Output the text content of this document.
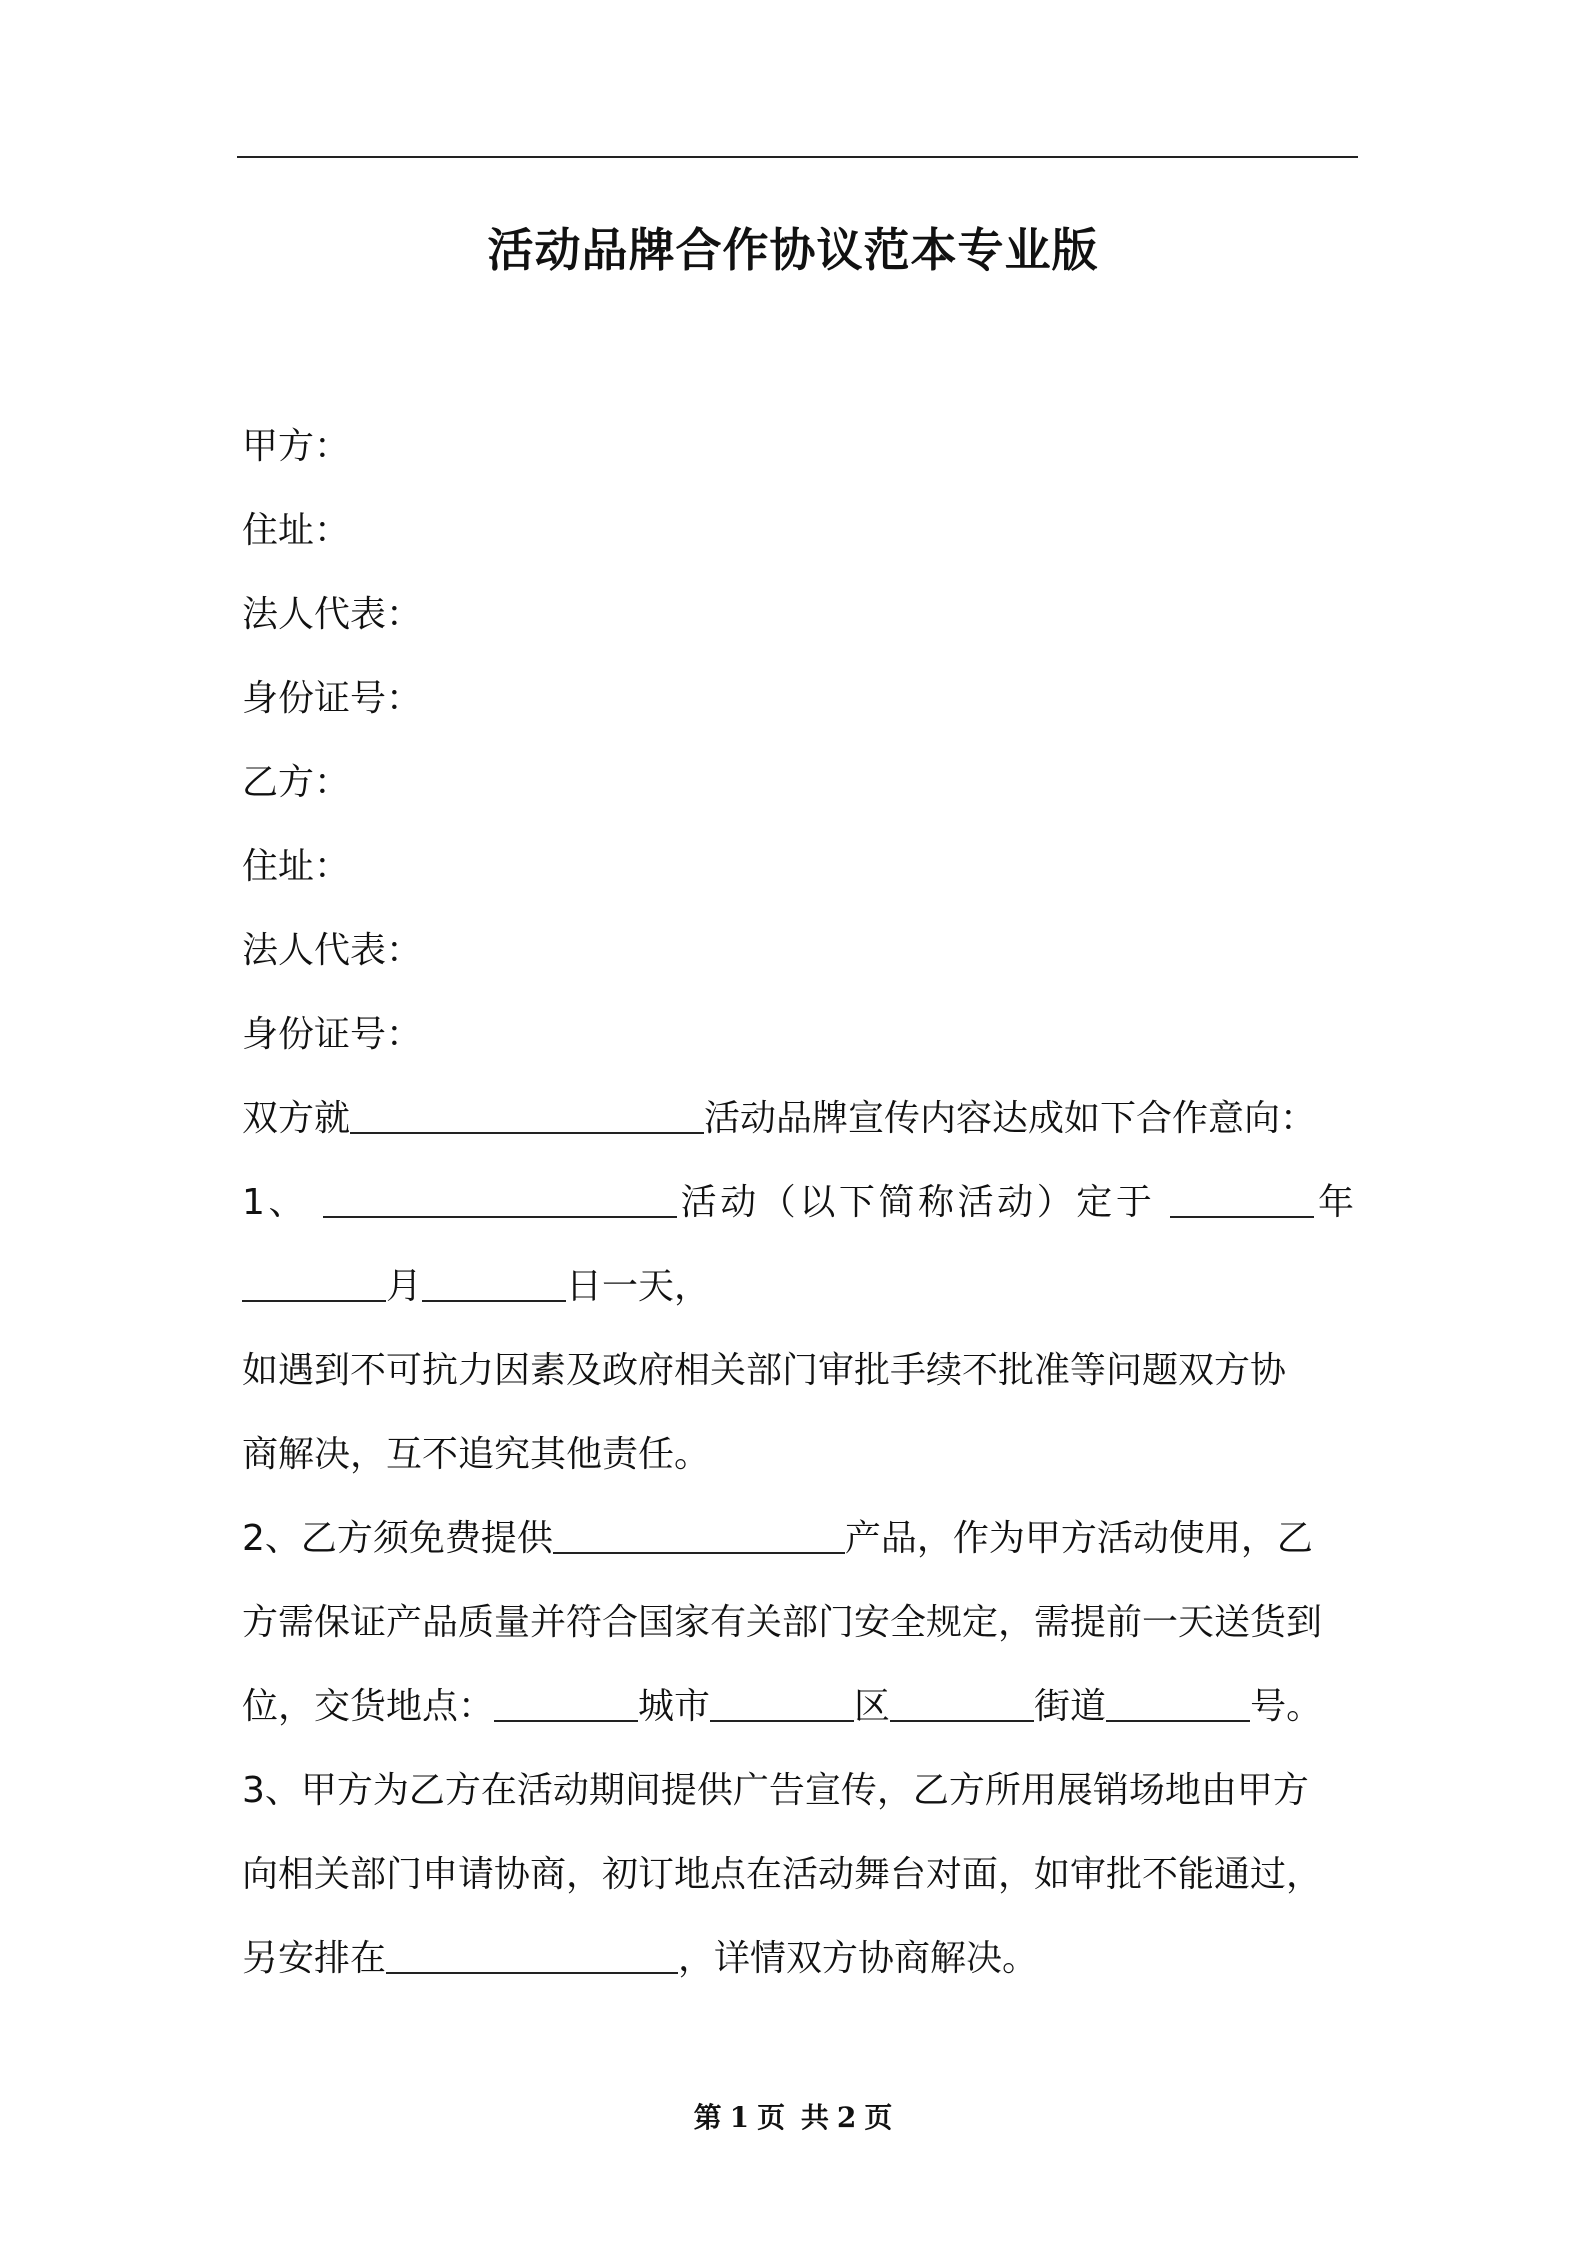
活动品牌合作协议范本专业版

甲方：

住址：

法人代表：

身份证号：

乙方：

住址：

法人代表：

身份证号：

双方就	活动品牌宣传内容达成如下合作意向：

1、	活动（以下简称活动）定于	年

月	日一天，

如遇到不可抗力因素及政府相关部门审批手续不批准等问题双方协

商解决，互不追究其他责任。

2、乙方须免费提供	产品，作为甲方活动使用，乙

方需保证产品质量并符合国家有关部门安全规定，需提前一天送货到

位，交货地点：	城市	区	街道	号。

3、甲方为乙方在活动期间提供广告宣传，乙方所用展销场地由甲方

向相关部门申请协商，初订地点在活动舞台对面，如审批不能通过，

另安排在	，详情双方协商解决。

第 1 页 共 2 页
